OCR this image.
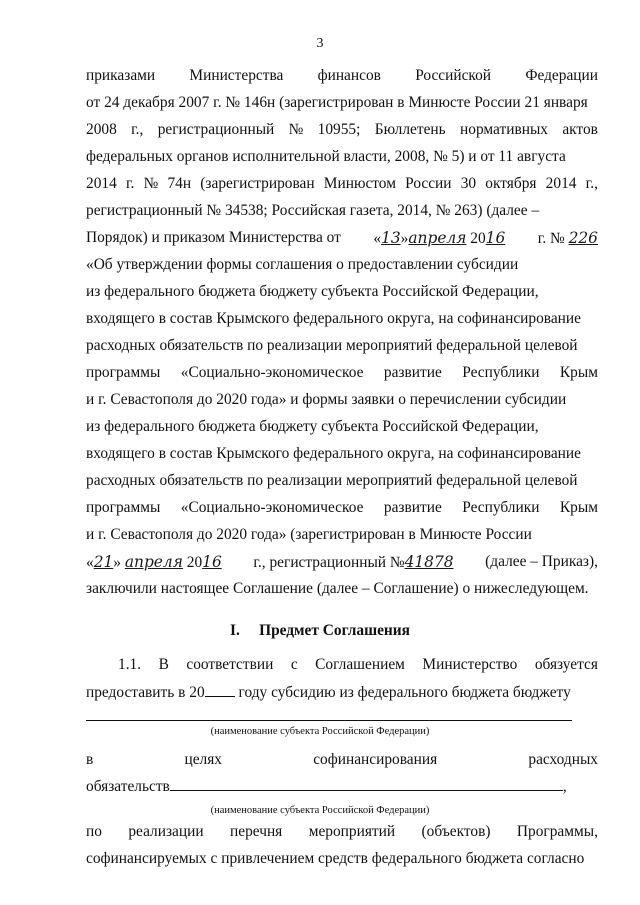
3
приказами Министерства финансов Российской Федерации
от 24 декабря 2007 г. № 146н (зарегистрирован в Минюсте России 21 января
2008 г., регистрационный № 10955; Бюллетень нормативных актов
федеральных органов исполнительной власти, 2008, № 5) и от 11 августа
2014 г. № 74н (зарегистрирован Минюстом России 30 октября 2014 г.,
регистрационный № 34538; Российская газета, 2014, № 263) (далее –
Порядок) и приказом Министерства от «13»апреля 2016 г. № 226
«Об утверждении формы соглашения о предоставлении субсидии
из федерального бюджета бюджету субъекта Российской Федерации,
входящего в состав Крымского федерального округа, на софинансирование
расходных обязательств по реализации мероприятий федеральной целевой
программы «Социально-экономическое развитие Республики Крым
и г. Севастополя до 2020 года» и формы заявки о перечислении субсидии
из федерального бюджета бюджету субъекта Российской Федерации,
входящего в состав Крымского федерального округа, на софинансирование
расходных обязательств по реализации мероприятий федеральной целевой
программы «Социально-экономическое развитие Республики Крым
и г. Севастополя до 2020 года» (зарегистрирован в Минюсте России
«21» апреля 2016 г., регистрационный №41878 (далее – Приказ),
заключили настоящее Соглашение (далее – Соглашение) о нижеследующем.
I. Предмет Соглашения
1.1. В соответствии с Соглашением Министерство обязуется
предоставить в 20 году субсидию из федерального бюджета бюджету
(наименование субъекта Российской Федерации)
в	целях	софинансирования	расходных
обязательств	,
(наименование субъекта Российской Федерации)
по реализации перечня мероприятий (объектов) Программы,
софинансируемых с привлечением средств федерального бюджета согласно
